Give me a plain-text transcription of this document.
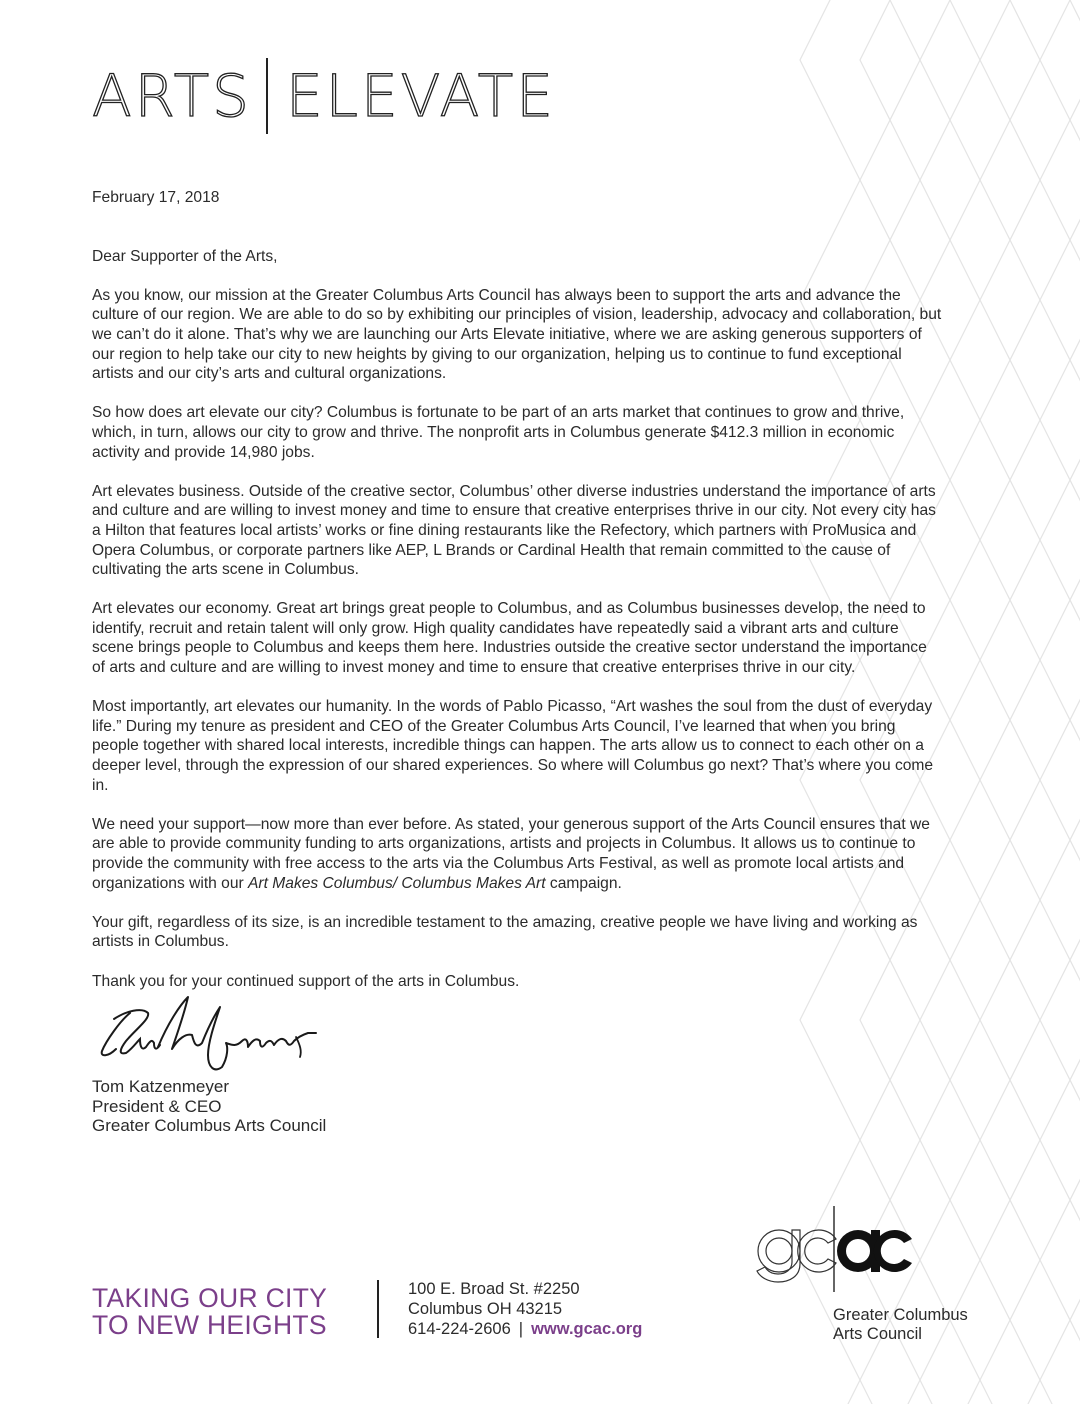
ARTS ELEVATE
February 17, 2018
Dear Supporter of the Arts,

As you know, our mission at the Greater Columbus Arts Council has always been to support the arts and advance the culture of our region. We are able to do so by exhibiting our principles of vision, leadership, advocacy and collaboration, but we can’t do it alone. That’s why we are launching our Arts Elevate initiative, where we are asking generous supporters of our region to help take our city to new heights by giving to our organization, helping us to continue to fund exceptional artists and our city’s arts and cultural organizations.

So how does art elevate our city? Columbus is fortunate to be part of an arts market that continues to grow and thrive, which, in turn, allows our city to grow and thrive. The nonprofit arts in Columbus generate $412.3 million in economic activity and provide 14,980 jobs.

Art elevates business. Outside of the creative sector, Columbus’ other diverse industries understand the importance of arts and culture and are willing to invest money and time to ensure that creative enterprises thrive in our city. Not every city has a Hilton that features local artists’ works or fine dining restaurants like the Refectory, which partners with ProMusica and Opera Columbus, or corporate partners like AEP, L Brands or Cardinal Health that remain committed to the cause of cultivating the arts scene in Columbus.

Art elevates our economy. Great art brings great people to Columbus, and as Columbus businesses develop, the need to identify, recruit and retain talent will only grow. High quality candidates have repeatedly said a vibrant arts and culture scene brings people to Columbus and keeps them here. Industries outside the creative sector understand the importance of arts and culture and are willing to invest money and time to ensure that creative enterprises thrive in our city.

Most importantly, art elevates our humanity. In the words of Pablo Picasso, “Art washes the soul from the dust of everyday life.” During my tenure as president and CEO of the Greater Columbus Arts Council, I’ve learned that when you bring people together with shared local interests, incredible things can happen. The arts allow us to connect to each other on a deeper level, through the expression of our shared experiences. So where will Columbus go next? That’s where you come in.

We need your support—now more than ever before. As stated, your generous support of the Arts Council ensures that we are able to provide community funding to arts organizations, artists and projects in Columbus. It allows us to continue to provide the community with free access to the arts via the Columbus Arts Festival, as well as promote local artists and organizations with our Art Makes Columbus/ Columbus Makes Art campaign.

Your gift, regardless of its size, is an incredible testament to the amazing, creative people we have living and working as artists in Columbus.

Thank you for your continued support of the arts in Columbus.
Tom Katzenmeyer
President & CEO
Greater Columbus Arts Council
TAKING OUR CITY
TO NEW HEIGHTS
100 E. Broad St. #2250
Columbus OH 43215
614-224-2606 | www.gcac.org
Greater Columbus
Arts Council
